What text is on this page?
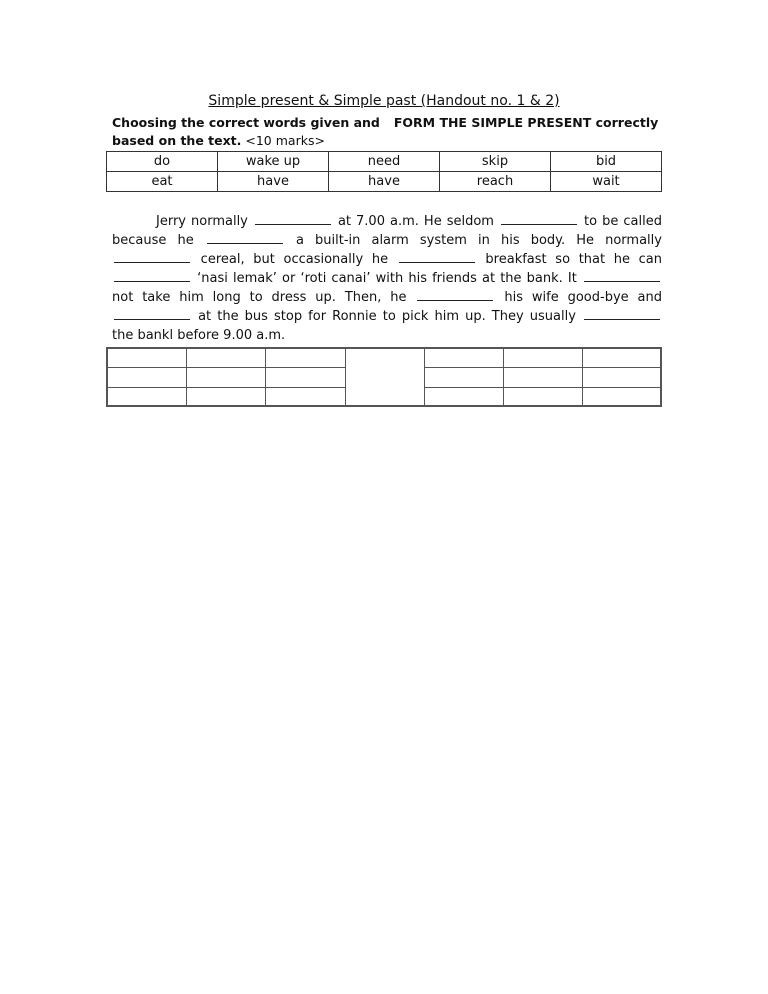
Simple present & Simple past (Handout no. 1 & 2)

Choosing the correct words given and FORM THE SIMPLE PRESENT correctly
based on the text. <10 marks>

do	wake up	need	skip	bid
eat	have	have	reach	wait
Jerry normally	at 7.00 a.m. He seldom	to be called because he	a built-in alarm system in his body. He normally  cereal, but occasionally he	breakfast so that he can  ‘nasi lemak’ or ‘roti canai’ with his friends at the bank. It  not take him long to dress up. Then, he	his wife good-bye and  at the bus stop for Ronnie to pick him up. They usually  the bankl before 9.00 a.m.
